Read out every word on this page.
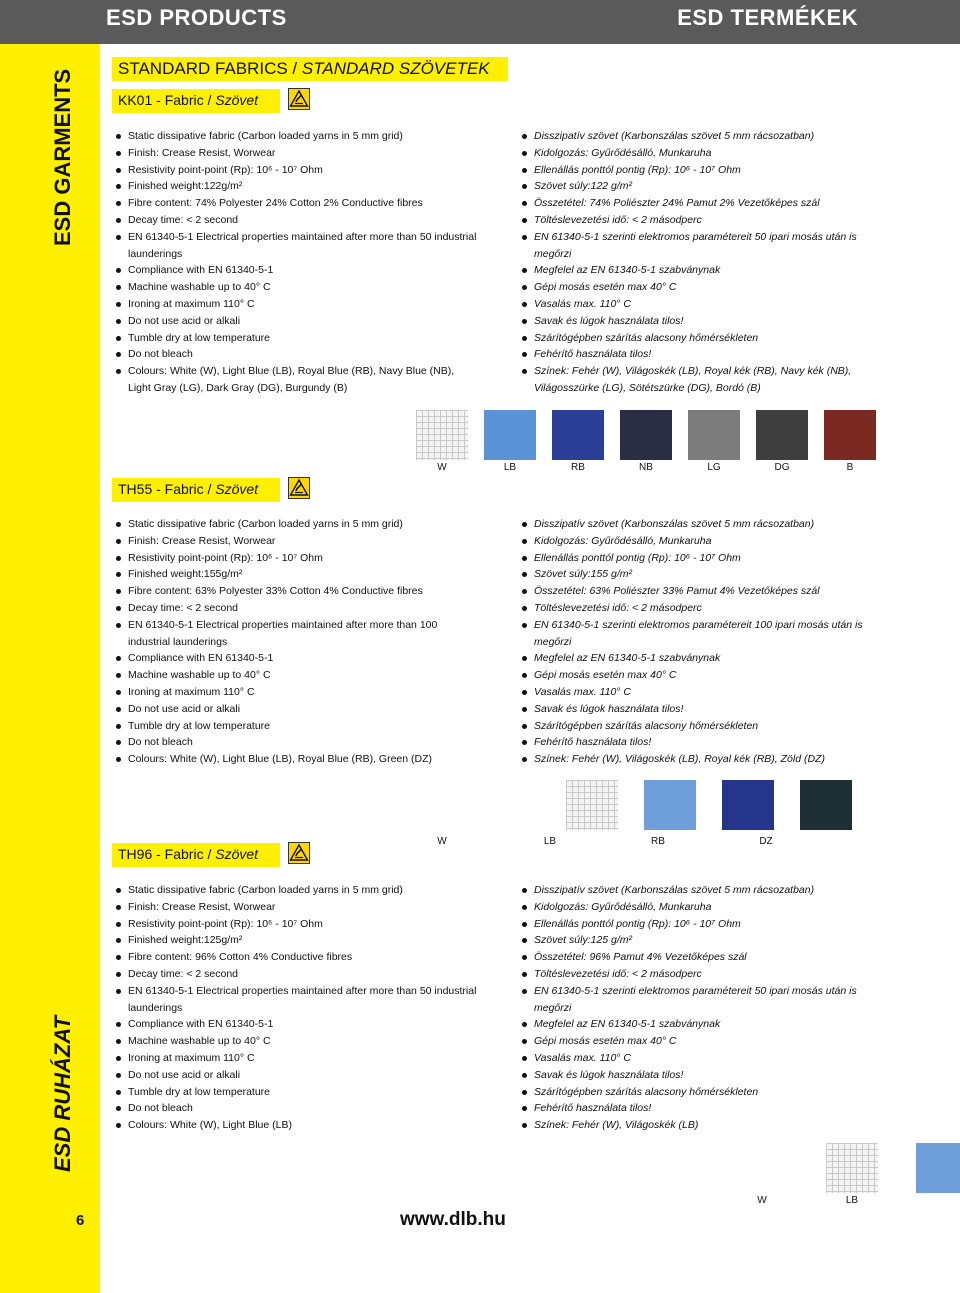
ESD PRODUCTS	ESD TERMÉKEK
ESD GARMENTS
ESD RUHÁZAT
6
STANDARD FABRICS / STANDARD SZÖVETEK
KK01 - Fabric / Szövet
Static dissipative fabric (Carbon loaded yarns in 5 mm grid)
Finish: Crease Resist, Worwear
Resistivity point-point (Rp): 10⁶ - 10⁷ Ohm
Finished weight:122g/m²
Fibre content: 74% Polyester 24% Cotton 2% Conductive fibres
Decay time: < 2 second
EN 61340-5-1 Electrical properties maintained after more than 50 industrial launderings
Compliance with EN 61340-5-1
Machine washable up to 40° C
Ironing at maximum 110° C
Do not use acid or alkali
Tumble dry at low temperature
Do not bleach
Colours: White (W), Light Blue (LB), Royal Blue (RB), Navy Blue (NB), Light Gray (LG), Dark Gray (DG), Burgundy (B)
Disszipatív szövet (Karbonszálas szövet 5 mm rácsozatban)
Kidolgozás: Gyűrődésálló, Munkaruha
Ellenállás ponttól pontig (Rp): 10⁶ - 10⁷ Ohm
Szövet súly:122 g/m²
Összetétel: 74% Poliészter 24% Pamut 2% Vezetőképes szál
Töltéslevezetési idő: < 2 másodperc
EN 61340-5-1 szerinti elektromos paramétereit 50 ipari mosás után is megőrzi
Megfelel az EN 61340-5-1 szabványnak
Gépi mosás esetén max 40° C
Vasalás max. 110° C
Savak és lúgok használata tilos!
Szárítógépben szárítás alacsony hőmérsékleten
Fehérítő használata tilos!
Színek: Fehér (W), Világoskék (LB), Royal kék (RB), Navy kék (NB), Világosszürke (LG), Sötétszürke (DG), Bordó (B)
W	LB	RB	NB	LG	DG	B
TH55 - Fabric / Szövet
Static dissipative fabric (Carbon loaded yarns in 5 mm grid)
Finish: Crease Resist, Worwear
Resistivity point-point (Rp): 10⁶ - 10⁷ Ohm
Finished weight:155g/m²
Fibre content: 63% Polyester 33% Cotton 4% Conductive fibres
Decay time: < 2 second
EN 61340-5-1 Electrical properties maintained after more than 100 industrial launderings
Compliance with EN 61340-5-1
Machine washable up to 40° C
Ironing at maximum 110° C
Do not use acid or alkali
Tumble dry at low temperature
Do not bleach
Colours: White (W), Light Blue (LB), Royal Blue (RB), Green (DZ)
Disszipatív szövet (Karbonszálas szövet 5 mm rácsozatban)
Kidolgozás: Gyűrődésálló, Munkaruha
Ellenállás ponttól pontig (Rp): 10⁶ - 10⁷ Ohm
Szövet súly:155 g/m²
Összetétel: 63% Poliészter 33% Pamut 4% Vezetőképes szál
Töltéslevezetési idő: < 2 másodperc
EN 61340-5-1 szerinti elektromos paramétereit 100 ipari mosás után is megőrzi
Megfelel az EN 61340-5-1 szabványnak
Gépi mosás esetén max 40° C
Vasalás max. 110° C
Savak és lúgok használata tilos!
Szárítógépben szárítás alacsony hőmérsékleten
Fehérítő használata tilos!
Színek: Fehér (W), Világoskék (LB), Royal kék (RB), Zöld (DZ)
W	LB	RB	DZ
TH96 - Fabric / Szövet
Static dissipative fabric (Carbon loaded yarns in 5 mm grid)
Finish: Crease Resist, Worwear
Resistivity point-point (Rp): 10⁶ - 10⁷ Ohm
Finished weight:125g/m²
Fibre content: 96% Cotton 4% Conductive fibres
Decay time: < 2 second
EN 61340-5-1 Electrical properties maintained after more than 50 industrial launderings
Compliance with EN 61340-5-1
Machine washable up to 40° C
Ironing at maximum 110° C
Do not use acid or alkali
Tumble dry at low temperature
Do not bleach
Colours: White (W), Light Blue (LB)
Disszipatív szövet (Karbonszálas szövet 5 mm rácsozatban)
Kidolgozás: Gyűrődésálló, Munkaruha
Ellenállás ponttól pontig (Rp): 10⁶ - 10⁷ Ohm
Szövet súly:125 g/m²
Összetétel: 96% Pamut 4% Vezetőképes szál
Töltéslevezetési idő: < 2 másodperc
EN 61340-5-1 szerinti elektromos paramétereit 50 ipari mosás után is megőrzi
Megfelel az EN 61340-5-1 szabványnak
Gépi mosás esetén max 40° C
Vasalás max. 110° C
Savak és lúgok használata tilos!
Szárítógépben szárítás alacsony hőmérsékleten
Fehérítő használata tilos!
Színek: Fehér (W), Világoskék (LB)
W	LB
www.dlb.hu
